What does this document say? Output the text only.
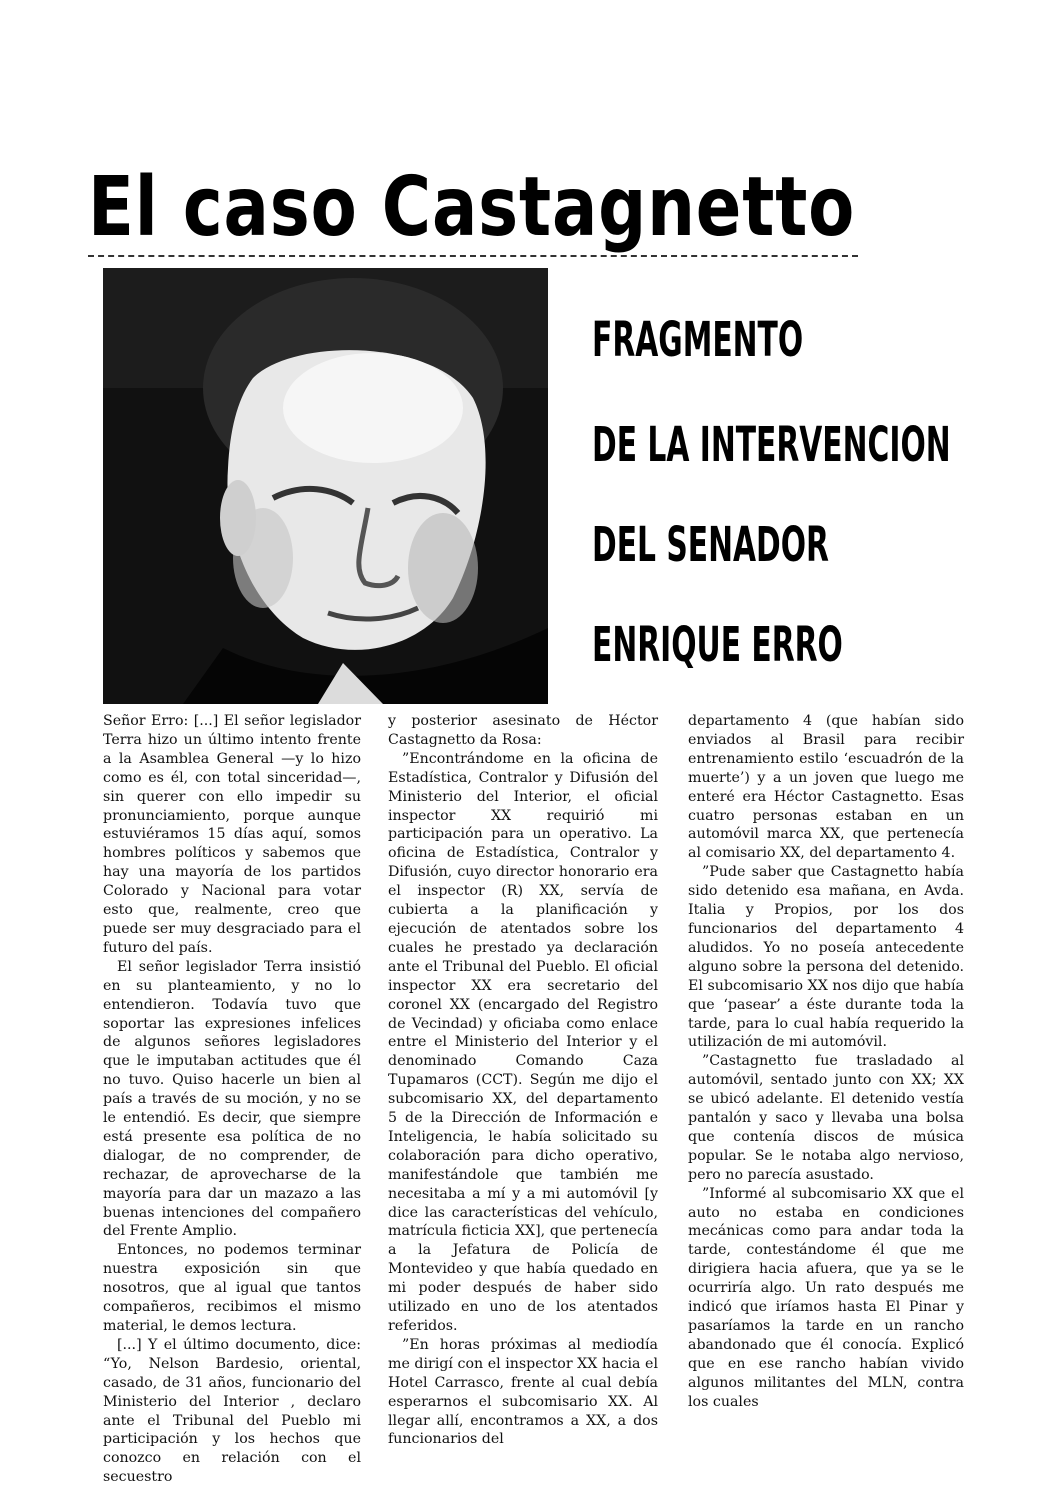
El caso Castagnetto
FRAGMENTO
DE LA INTERVENCION
DEL SENADOR
ENRIQUE ERRO

Señor Erro: [...] El señor legislador Terra hizo un último intento frente a la Asamblea General —y lo hizo como es él, con total sinceridad—, sin querer con ello impedir su pronunciamiento, porque aunque estuviéramos 15 días aquí, somos hombres políticos y sabemos que hay una mayoría de los partidos Colorado y Nacional para votar esto que, realmente, creo que puede ser muy desgraciado para el futuro del país.

El señor legislador Terra insistió en su planteamiento, y no lo entendieron. Todavía tuvo que soportar las expresiones infelices de algunos señores legisladores que le imputaban actitudes que él no tuvo. Quiso hacerle un bien al país a través de su moción, y no se le entendió. Es decir, que siempre está presente esa política de no dialogar, de no comprender, de rechazar, de aprovecharse de la mayoría para dar un mazazo a las buenas intenciones del compañero del Frente Amplio.

Entonces, no podemos terminar nuestra exposición sin que nosotros, que al igual que tantos compañeros, recibimos el mismo material, le demos lectura.

[...] Y el último documento, dice: “Yo, Nelson Bardesio, oriental, casado, de 31 años, funcionario del Ministerio del Interior , declaro ante el Tribunal del Pueblo mi participación y los hechos que conozco en relación con el secuestro

y posterior asesinato de Héctor Castagnetto da Rosa:

”Encontrándome en la oficina de Estadística, Contralor y Difusión del Ministerio del Interior, el oficial inspector XX requirió mi participación para un operativo. La oficina de Estadística, Contralor y Difusión, cuyo director honorario era el inspector (R) XX, servía de cubierta a la planificación y ejecución de atentados sobre los cuales he prestado ya declaración ante el Tribunal del Pueblo. El oficial inspector XX era secretario del coronel XX (encargado del Registro de Vecindad) y oficiaba como enlace entre el Ministerio del Interior y el denominado Comando Caza Tupamaros (CCT). Según me dijo el subcomisario XX, del departamento 5 de la Dirección de Información e Inteligencia, le había solicitado su colaboración para dicho operativo, manifestándole que también me necesitaba a mí y a mi automóvil [y dice las características del vehículo, matrícula ficticia XX], que pertenecía a la Jefatura de Policía de Montevideo y que había quedado en mi poder después de haber sido utilizado en uno de los atentados referidos.

”En horas próximas al mediodía me dirigí con el inspector XX hacia el Hotel Carrasco, frente al cual debía esperarnos el subcomisario XX. Al llegar allí, encontramos a XX, a dos funcionarios del

departamento 4 (que habían sido enviados al Brasil para recibir entrenamiento estilo ‘escuadrón de la muerte’) y a un joven que luego me enteré era Héctor Castagnetto. Esas cuatro personas estaban en un automóvil marca XX, que pertenecía al comisario XX, del departamento 4.

”Pude saber que Castagnetto había sido detenido esa mañana, en Avda. Italia y Propios, por los dos funcionarios del departamento 4 aludidos. Yo no poseía antecedente alguno sobre la persona del detenido. El subcomisario XX nos dijo que había que ‘pasear’ a éste durante toda la tarde, para lo cual había requerido la utilización de mi automóvil.

”Castagnetto fue trasladado al automóvil, sentado junto con XX; XX se ubicó adelante. El detenido vestía pantalón y saco y llevaba una bolsa que contenía discos de música popular. Se le notaba algo nervioso, pero no parecía asustado.

”Informé al subcomisario XX que el auto no estaba en condiciones mecánicas como para andar toda la tarde, contestándome él que me dirigiera hacia afuera, que ya se le ocurriría algo. Un rato después me indicó que iríamos hasta El Pinar y pasaríamos la tarde en un rancho abandonado que él conocía. Explicó que en ese rancho habían vivido algunos militantes del MLN, contra los cuales
